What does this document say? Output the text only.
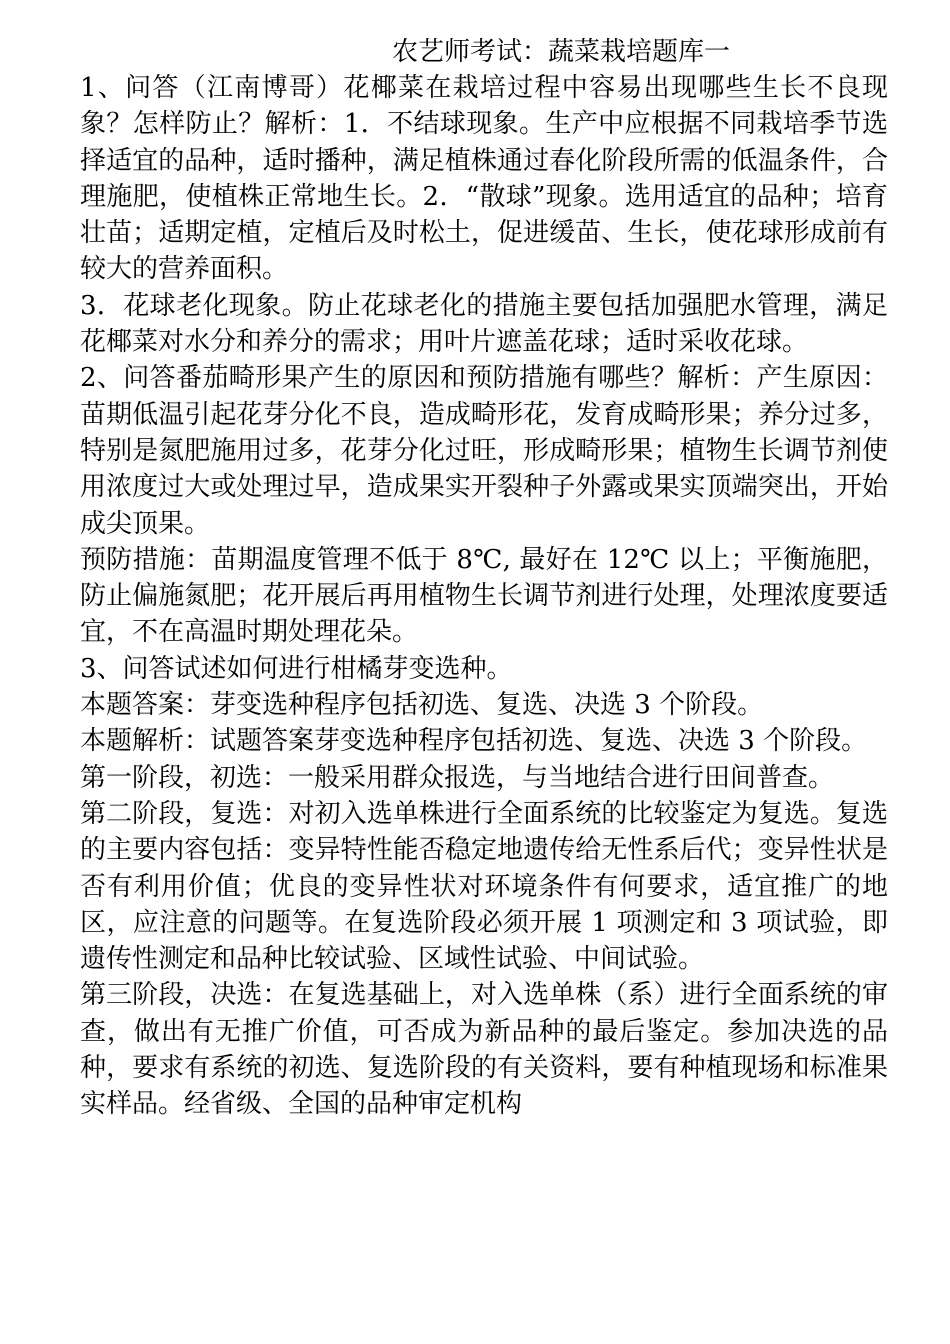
农艺师考试：蔬菜栽培题库一

1、问答（江南博哥）花椰菜在栽培过程中容易出现哪些生长不良现象？怎样防止？解析：1．不结球现象。生产中应根据不同栽培季节选择适宜的品种，适时播种，满足植株通过春化阶段所需的低温条件，合理施肥，使植株正常地生长。2．“散球”现象。选用适宜的品种；培育壮苗；适期定植，定植后及时松土，促进缓苗、生长，使花球形成前有较大的营养面积。

3．花球老化现象。防止花球老化的措施主要包括加强肥水管理，满足花椰菜对水分和养分的需求；用叶片遮盖花球；适时采收花球。

2、问答番茄畸形果产生的原因和预防措施有哪些？解析：产生原因：苗期低温引起花芽分化不良，造成畸形花，发育成畸形果；养分过多，特别是氮肥施用过多，花芽分化过旺，形成畸形果；植物生长调节剂使用浓度过大或处理过早，造成果实开裂种子外露或果实顶端突出，开始成尖顶果。

预防措施：苗期温度管理不低于 8℃, 最好在 12℃ 以上；平衡施肥，防止偏施氮肥；花开展后再用植物生长调节剂进行处理，处理浓度要适宜，不在高温时期处理花朵。

3、问答试述如何进行柑橘芽变选种。

本题答案：芽变选种程序包括初选、复选、决选 3 个阶段。

本题解析：试题答案芽变选种程序包括初选、复选、决选 3 个阶段。

第一阶段，初选：一般采用群众报选，与当地结合进行田间普查。

第二阶段，复选：对初入选单株进行全面系统的比较鉴定为复选。复选的主要内容包括：变异特性能否稳定地遗传给无性系后代；变异性状是否有利用价值；优良的变异性状对环境条件有何要求，适宜推广的地区，应注意的问题等。在复选阶段必须开展 1 项测定和 3 项试验，即遗传性测定和品种比较试验、区域性试验、中间试验。

第三阶段，决选：在复选基础上，对入选单株（系）进行全面系统的审查，做出有无推广价值，可否成为新品种的最后鉴定。参加决选的品种，要求有系统的初选、复选阶段的有关资料，要有种植现场和标准果实样品。经省级、全国的品种审定机构
